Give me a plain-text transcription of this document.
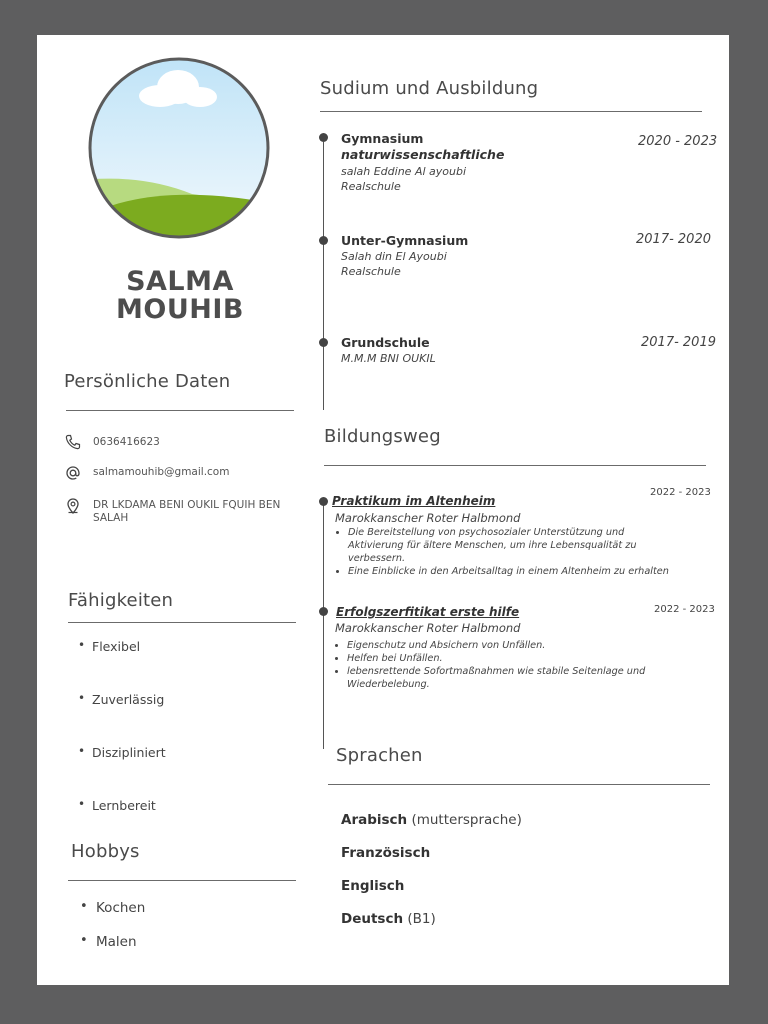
SALMA
MOUHIB
Persönliche Daten
0636416623
salmamouhib@gmail.com
DR LKDAMA BENI OUKIL FQUIH BEN SALAH
Fähigkeiten
• Flexibel
• Zuverlässig
• Diszipliniert
• Lernbereit
Hobbys
• Kochen
• Malen
Sudium und Ausbildung
Gymnasium
naturwissenschaftliche
salah Eddine Al ayoubi
Realschule
2020 - 2023
Unter-Gymnasium
Salah din El Ayoubi
Realschule
2017- 2020
Grundschule
M.M.M BNI OUKIL
2017- 2019
Bildungsweg
Praktikum im Altenheim
2022 - 2023
Marokkanscher Roter Halbmond
• Die Bereitstellung von psychosozialer Unterstützung und Aktivierung für ältere Menschen, um ihre Lebensqualität zu verbessern.
• Eine Einblicke in den Arbeitsalltag in einem Altenheim zu erhalten
Erfolgszerfitikat erste hilfe	2022 - 2023
Marokkanscher Roter Halbmond
• Eigenschutz und Absichern von Unfällen.
• Helfen bei Unfällen.
• lebensrettende Sofortmaßnahmen wie stabile Seitenlage und Wiederbelebung.
Sprachen
Arabisch (muttersprache)
Französisch
Englisch
Deutsch (B1)
